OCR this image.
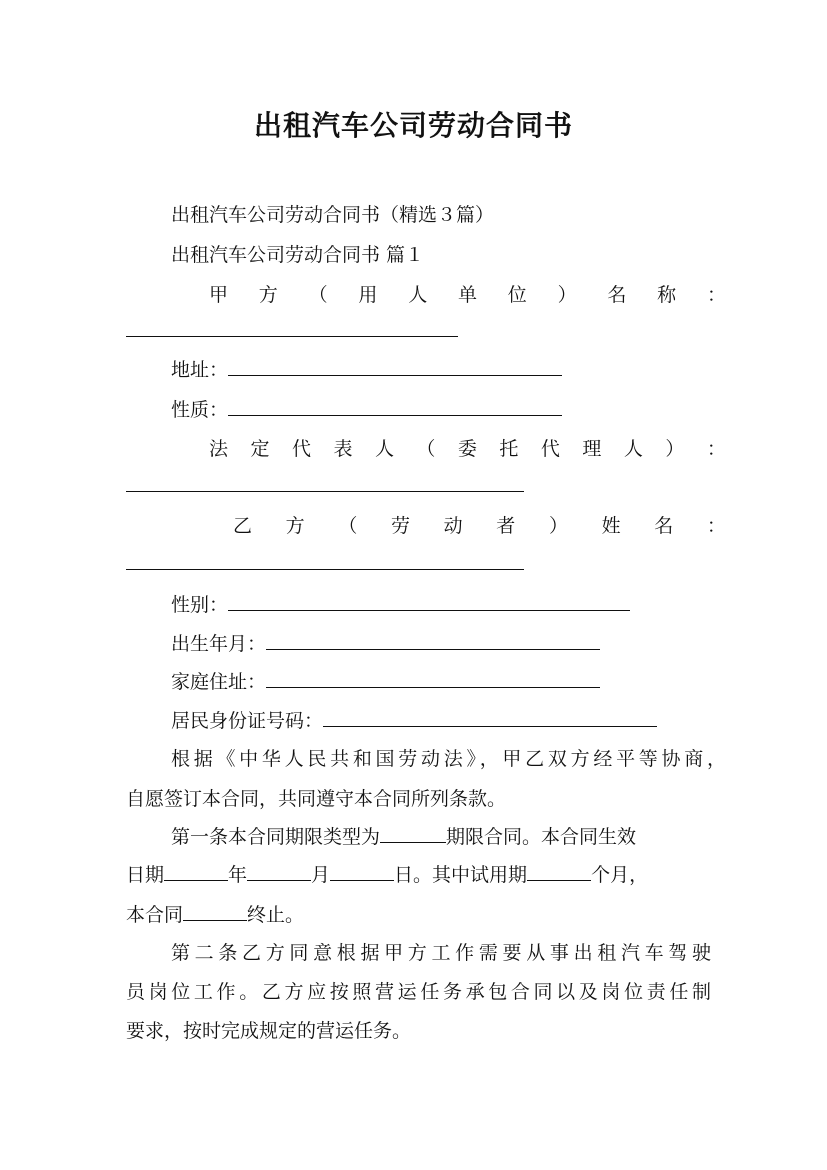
出租汽车公司劳动合同书
出租汽车公司劳动合同书（精选３篇）
出租汽车公司劳动合同书 篇１
甲 方 （ 用 人 单 位 ） 名 称 ：
地址：
性质：
法 定 代 表 人 （ 委 托 代 理 人 ） ：
乙 方 （ 劳 动 者 ） 姓 名 ：
性别：
出生年月：
家庭住址：
居民身份证号码：
根据《中华人民共和国劳动法》，甲乙双方经平等协商，
自愿签订本合同，共同遵守本合同所列条款。
第一条本合同期限类型为	期限合同。本合同生效
日期	年	月	日。其中试用期	个月，
本合同	终止。
第二条乙方同意根据甲方工作需要从事出租汽车驾驶
员岗位工作。乙方应按照营运任务承包合同以及岗位责任制
要求，按时完成规定的营运任务。
